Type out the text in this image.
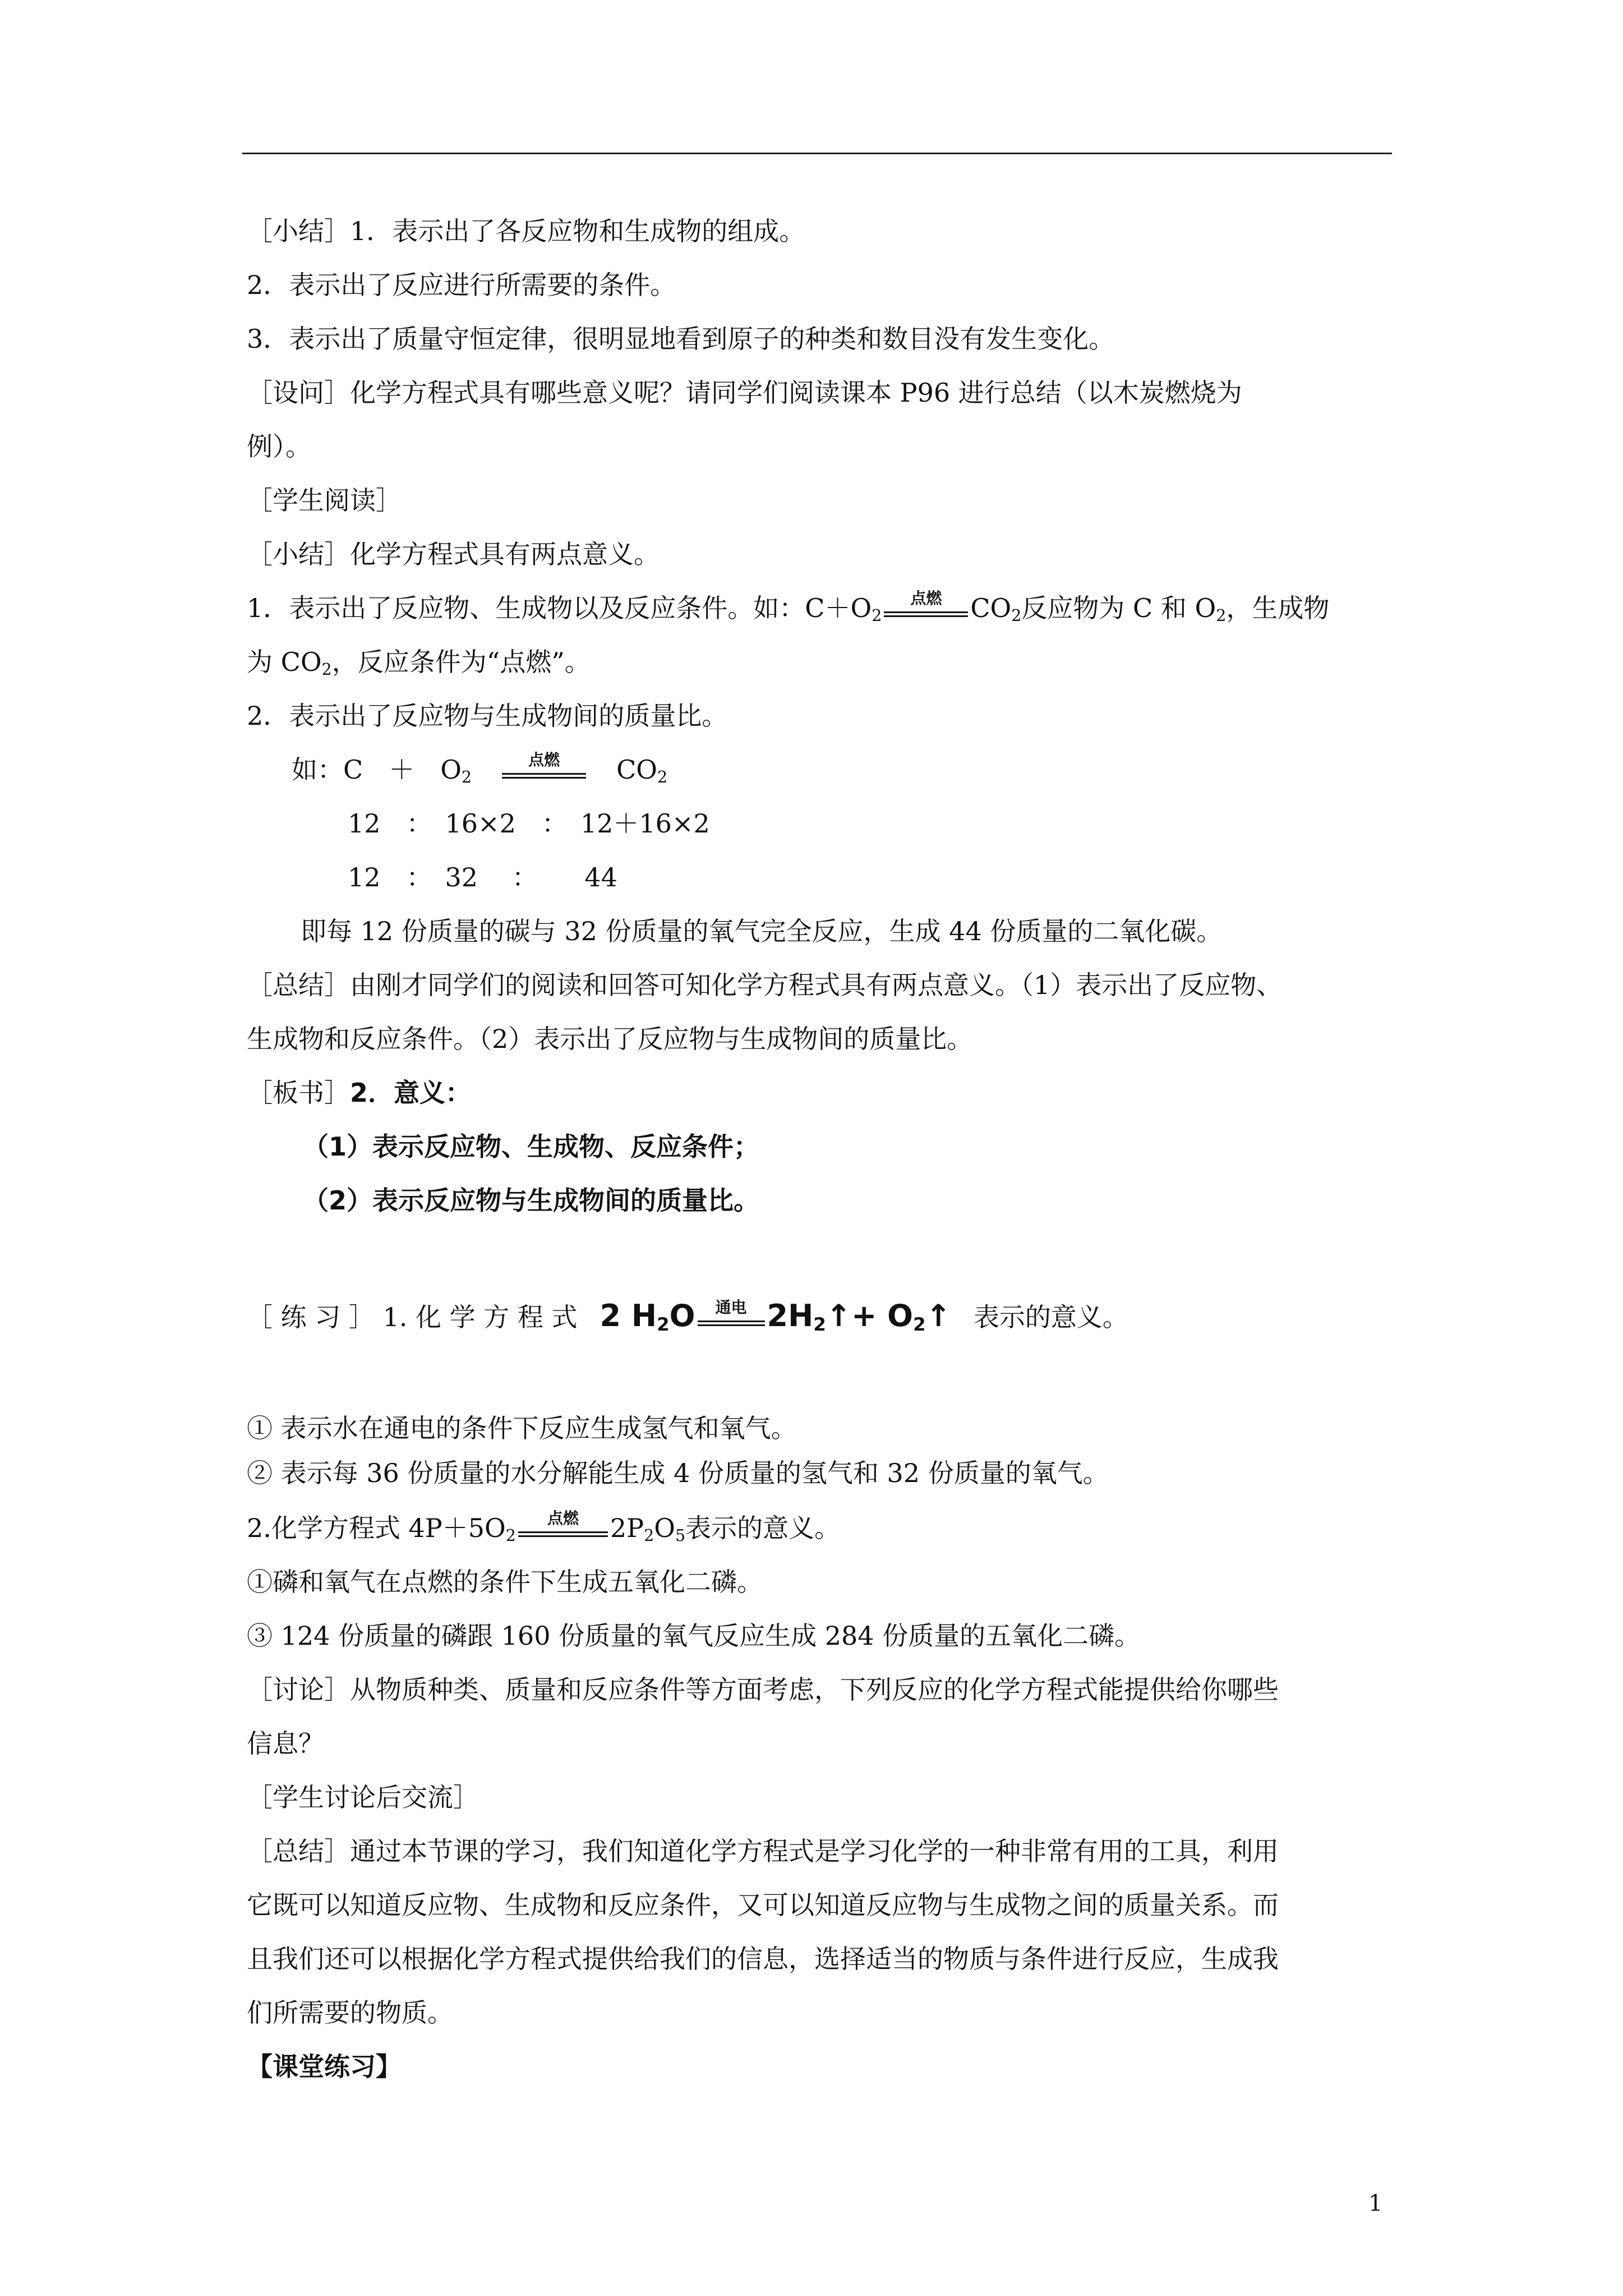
［小结］1．表示出了各反应物和生成物的组成。
2．表示出了反应进行所需要的条件。
3．表示出了质量守恒定律，很明显地看到原子的种类和数目没有发生变化。
［设问］化学方程式具有哪些意义呢？请同学们阅读课本 P96 进行总结（以木炭燃烧为
例）。
［学生阅读］
［小结］化学方程式具有两点意义。
1．表示出了反应物、生成物以及反应条件。如：$C+O_2$
点燃	$CO_2$反应物为 C 和 $O_2$，生成物
为 $CO_2$，反应条件为“点燃”。
2．表示出了反应物与生成物间的质量比。
如：C　＋　$O_2$
点燃	$CO_2$
12　：　16×2　：　12＋16×2
12　：　32　 ：　　 44
即每 12 份质量的碳与 32 份质量的氧气完全反应，生成 44 份质量的二氧化碳。
［总结］由刚才同学们的阅读和回答可知化学方程式具有两点意义。（1）表示出了反应物、
生成物和反应条件。（2）表示出了反应物与生成物间的质量比。
［板书］2．意义：
（1）表示反应物、生成物、反应条件；
（2）表示反应物与生成物间的质量比。
［ 练 习 ］ 1. 化 学 方 程 式 2 $H_2O$	通电 $2H_2↑+$ $O_2↑$ 表示的意义。
① 表示水在通电的条件下反应生成氢气和氧气。
② 表示每 36 份质量的水分解能生成 4 份质量的氢气和 32 份质量的氧气。
2.化学方程式 $4P+5O_2$
点燃	$2P_2O_5$表示的意义。
①磷和氧气在点燃的条件下生成五氧化二磷。
③ 124 份质量的磷跟 160 份质量的氧气反应生成 284 份质量的五氧化二磷。
［讨论］从物质种类、质量和反应条件等方面考虑，下列反应的化学方程式能提供给你哪些
信息？
［学生讨论后交流］
［总结］通过本节课的学习，我们知道化学方程式是学习化学的一种非常有用的工具，利用
它既可以知道反应物、生成物和反应条件，又可以知道反应物与生成物之间的质量关系。而
且我们还可以根据化学方程式提供给我们的信息，选择适当的物质与条件进行反应，生成我
们所需要的物质。
【课堂练习】
1
